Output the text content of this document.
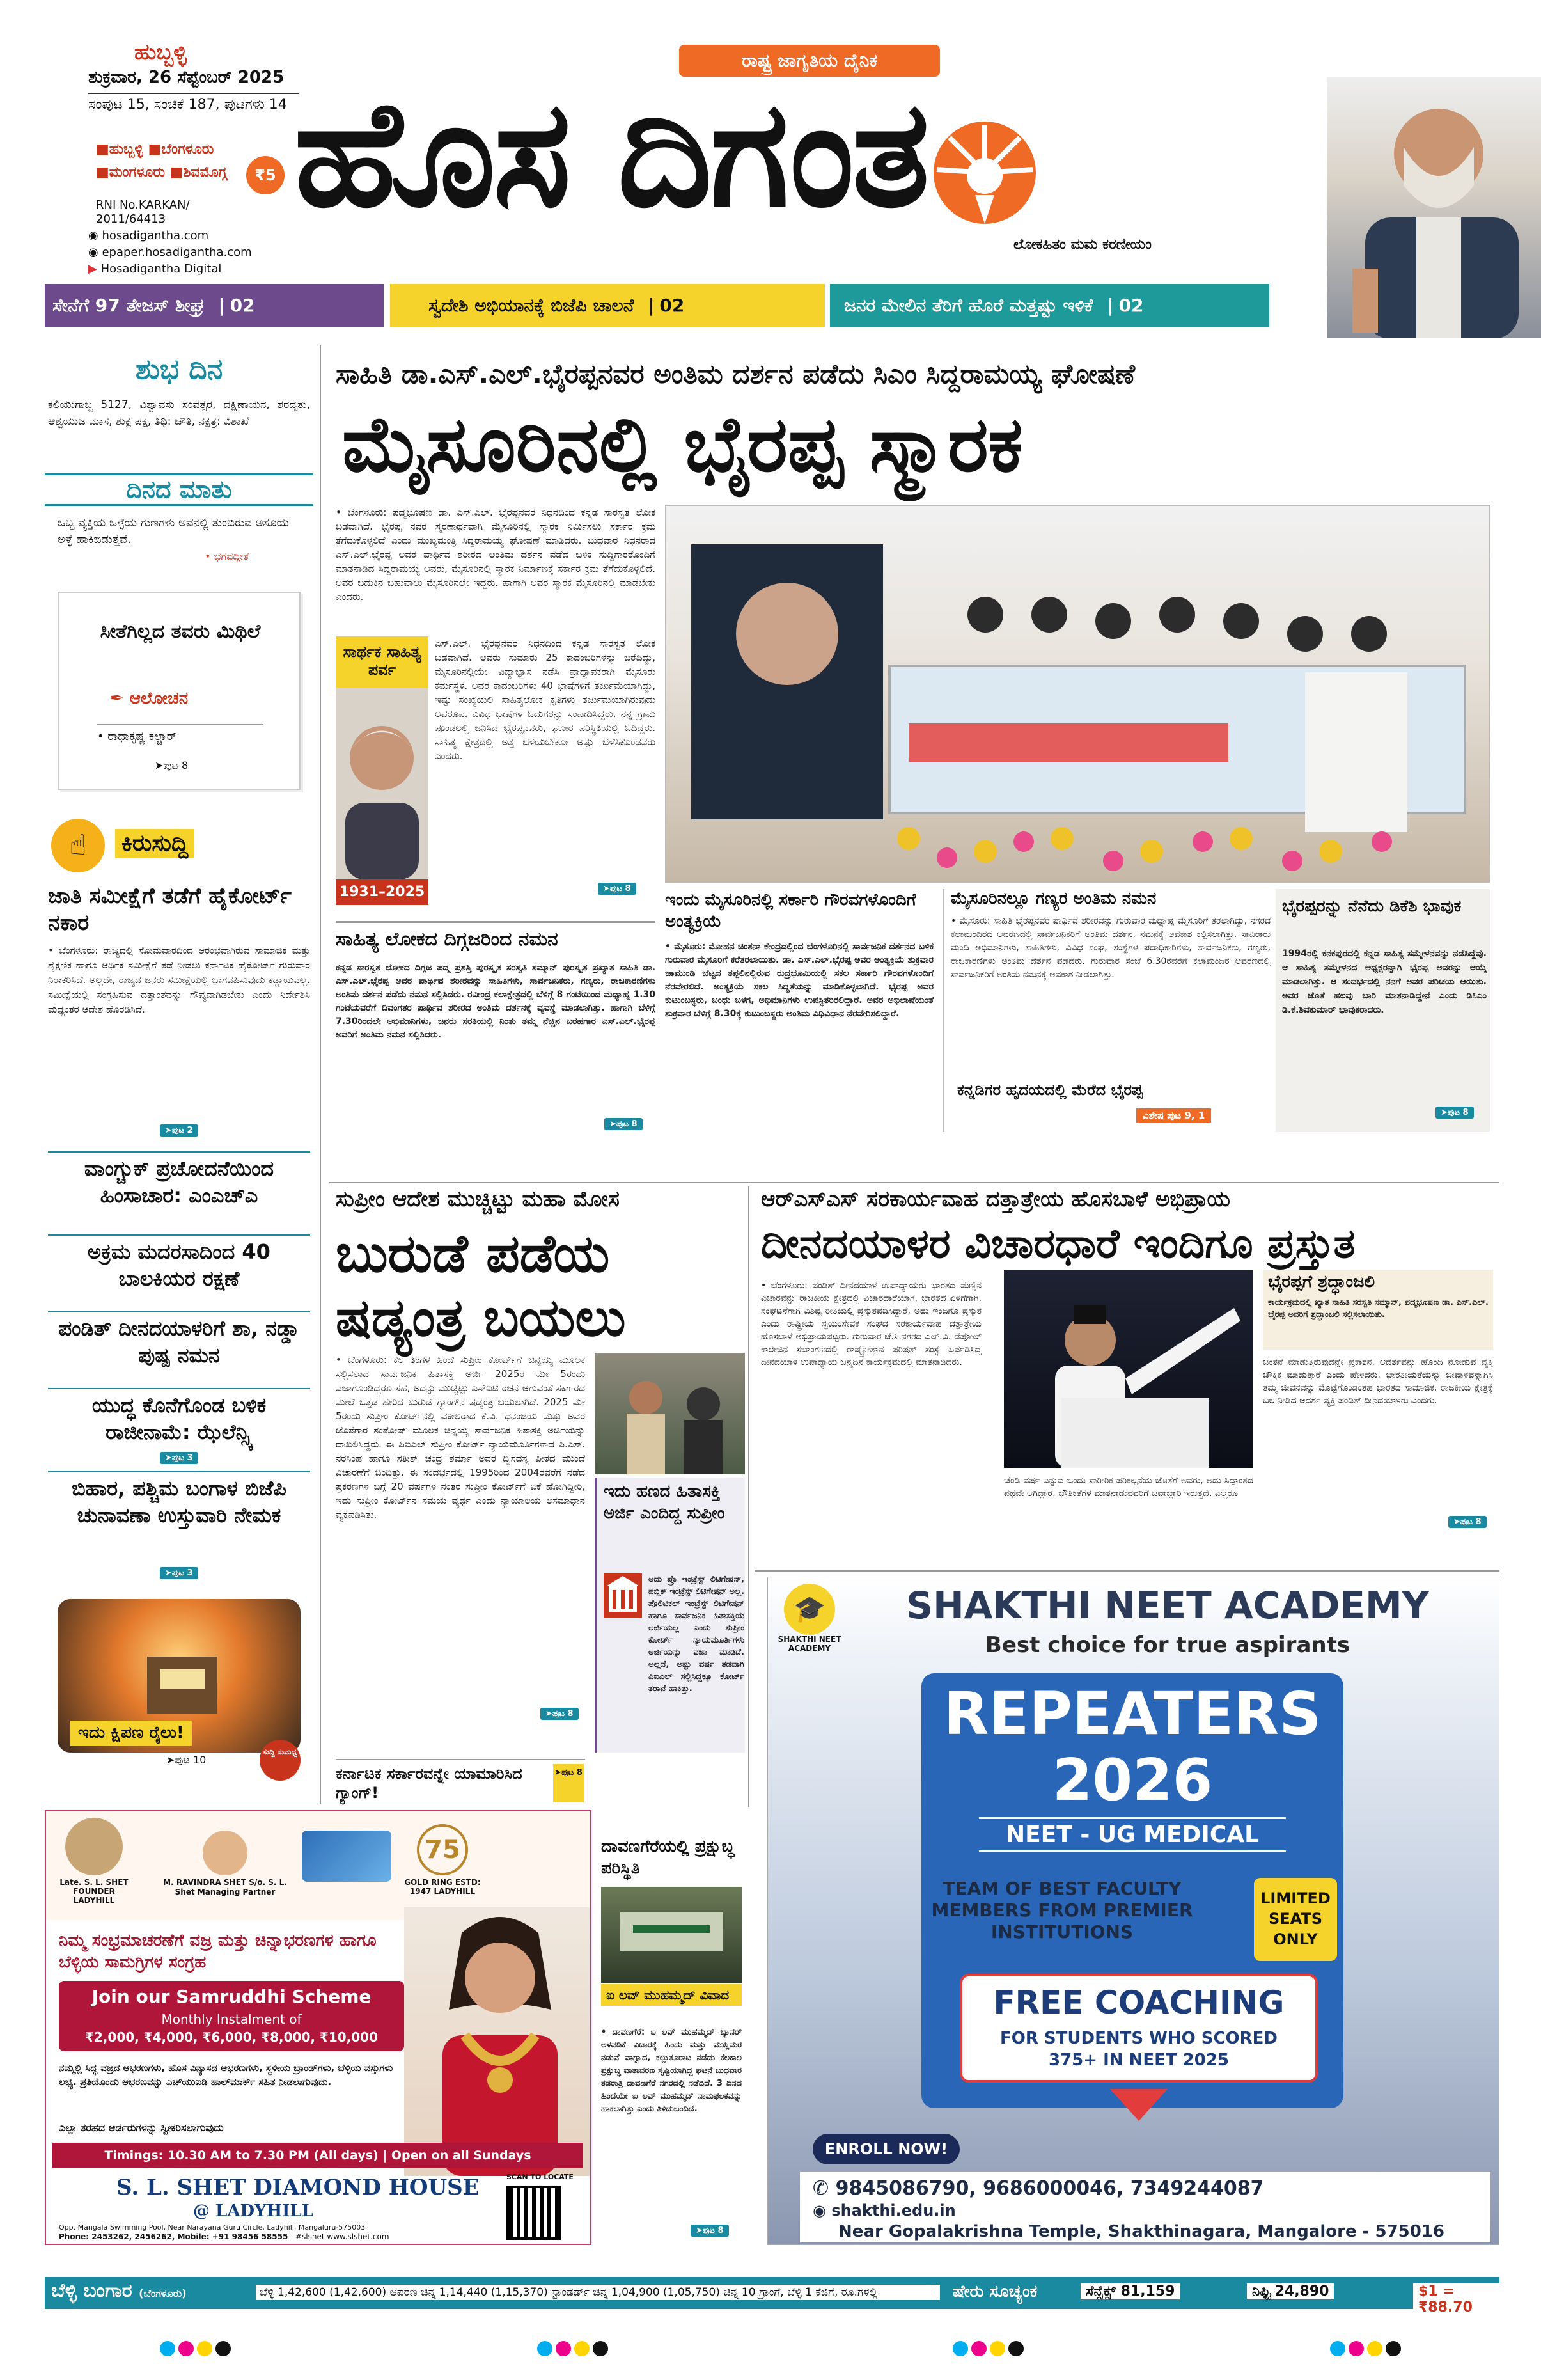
ಹುಬ್ಬಳ್ಳಿ
ಶುಕ್ರವಾರ, 26 ಸೆಪ್ಟೆಂಬರ್ 2025
ಸಂಪುಟ 15, ಸಂಚಿಕೆ 187, ಪುಟಗಳು 14
■ಹುಬ್ಬಳ್ಳಿ ■ಬೆಂಗಳೂರು ■ಮಂಗಳೂರು ■ಶಿವಮೊಗ್ಗ	₹5
RNI No.KARKAN/ 2011/64413
◉ hosadigantha.com
◉ epaper.hosadigantha.com
▶ Hosadigantha Digital
ರಾಷ್ಟ್ರ ಜಾಗೃತಿಯ ದೈನಿಕ
ಹೊಸ ದಿಗಂತ
ಲೋಕಹಿತಂ ಮಮ ಕರಣೀಯಂ
ಸೇನೆಗೆ 97 ತೇಜಸ್ ಶೀಘ್ರ | 02	ಸ್ವದೇಶಿ ಅಭಿಯಾನಕ್ಕೆ ಬಿಜೆಪಿ ಚಾಲನೆ | 02	ಜನರ ಮೇಲಿನ ತೆರಿಗೆ ಹೊರೆ ಮತ್ತಷ್ಟು ಇಳಿಕೆ | 02
ಶುಭ ದಿನ
ಕಲಿಯುಗಾಬ್ದ 5127, ವಿಶ್ವಾವಸು ಸಂವತ್ಸರ, ದಕ್ಷಿಣಾಯನ, ಶರದೃತು, ಆಶ್ವಯುಜ ಮಾಸ, ಶುಕ್ಲ ಪಕ್ಷ, ತಿಥಿ: ಚೌತಿ, ನಕ್ಷತ್ರ: ವಿಶಾಖೆ
ದಿನದ ಮಾತು
ಒಬ್ಬ ವ್ಯಕ್ತಿಯ ಒಳ್ಳೆಯ ಗುಣಗಳು ಅವನಲ್ಲಿ ತುಂಬಿರುವ ಅಸೂಯೆ ಅಳ್ಳೆ ಹಾಕಿಬಿಡುತ್ತವೆ.
• ಭಗವದ್ಗೀತೆ
ಸೀತೆಗಿಲ್ಲದ ತವರು ಮಿಥಿಲೆ
✒ ಆಲೋಚನ
• ರಾಧಾಕೃಷ್ಣ ಕಲ್ಚಾರ್
➤ಪುಟ 8
☝	ಕಿರುಸುದ್ದಿ
ಜಾತಿ ಸಮೀಕ್ಷೆಗೆ ತಡೆಗೆ ಹೈಕೋರ್ಟ್ ನಕಾರ
• ಬೆಂಗಳೂರು: ರಾಜ್ಯದಲ್ಲಿ ಸೋಮವಾರದಿಂದ ಆರಂಭವಾಗಿರುವ ಸಾಮಾಜಿಕ ಮತ್ತು ಶೈಕ್ಷಣಿಕ ಹಾಗೂ ಆರ್ಥಿಕ ಸಮೀಕ್ಷೆಗೆ ತಡೆ ನೀಡಲು ಕರ್ನಾಟಕ ಹೈಕೋರ್ಟ್ ಗುರುವಾರ ನಿರಾಕರಿಸಿದೆ. ಅಲ್ಲದೇ, ರಾಜ್ಯದ ಜನರು ಸಮೀಕ್ಷೆಯಲ್ಲಿ ಭಾಗವಹಿಸುವುದು ಕಡ್ಡಾಯವಲ್ಲ. ಸಮೀಕ್ಷೆಯಲ್ಲಿ ಸಂಗ್ರಹಿಸುವ ದತ್ತಾಂಶವನ್ನು ಗೌಪ್ಯವಾಗಿಡಬೇಕು ಎಂದು ನಿರ್ದೇಶಿಸಿ ಮಧ್ಯಂತರ ಆದೇಶ ಹೊರಡಿಸಿದೆ.
➤ಪುಟ 2
ವಾಂಗ್ಚುಕ್ ಪ್ರಚೋದನೆಯಿಂದ ಹಿಂಸಾಚಾರ: ಎಂಎಚ್ಎ
ಅಕ್ರಮ ಮದರಸಾದಿಂದ 40 ಬಾಲಕಿಯರ ರಕ್ಷಣೆ
ಪಂಡಿತ್ ದೀನದಯಾಳರಿಗೆ ಶಾ, ನಡ್ಡಾ ಪುಷ್ಪ ನಮನ
ಯುದ್ಧ ಕೊನೆಗೊಂಡ ಬಳಿಕ ರಾಜೀನಾಮೆ: ಝೆಲೆನ್ಸ್ಕಿ
➤ಪುಟ 3
ಬಿಹಾರ, ಪಶ್ಚಿಮ ಬಂಗಾಳ ಬಿಜೆಪಿ ಚುನಾವಣಾ ಉಸ್ತುವಾರಿ ನೇಮಕ
➤ಪುಟ 3
ಇದು ಕ್ಷಿಪಣ ರೈಲು!
➤ಪುಟ 10
ಸುದ್ದಿ ಸುಮಧ್ವ
ಸಾಹಿತಿ ಡಾ.ಎಸ್.ಎಲ್.ಭೈರಪ್ಪನವರ ಅಂತಿಮ ದರ್ಶನ ಪಡೆದು ಸಿಎಂ ಸಿದ್ದರಾಮಯ್ಯ ಘೋಷಣೆ
ಮೈಸೂರಿನಲ್ಲಿ ಭೈರಪ್ಪ ಸ್ಮಾರಕ
• ಬೆಂಗಳೂರು: ಪದ್ಮಭೂಷಣ ಡಾ. ಎಸ್.ಎಲ್. ಭೈರಪ್ಪನವರ ನಿಧನದಿಂದ ಕನ್ನಡ ಸಾರಸ್ವತ ಲೋಕ ಬಡವಾಗಿದೆ. ಭೈರಪ್ಪ ನವರ ಸ್ಮರಣಾರ್ಥವಾಗಿ ಮೈಸೂರಿನಲ್ಲಿ ಸ್ಮಾರಕ ನಿರ್ಮಿಸಲು ಸರ್ಕಾರ ಕ್ರಮ ತೆಗೆದುಕೊಳ್ಳಲಿದೆ ಎಂದು ಮುಖ್ಯಮಂತ್ರಿ ಸಿದ್ದರಾಮಯ್ಯ ಘೋಷಣೆ ಮಾಡಿದರು. ಬುಧವಾರ ನಿಧನರಾದ ಎಸ್.ಎಲ್.ಭೈರಪ್ಪ ಅವರ ಪಾರ್ಥಿವ ಶರೀರದ ಅಂತಿಮ ದರ್ಶನ ಪಡೆದ ಬಳಿಕ ಸುದ್ದಿಗಾರರೊಂದಿಗೆ ಮಾತನಾಡಿದ ಸಿದ್ದರಾಮಯ್ಯ ಅವರು, ಮೈಸೂರಿನಲ್ಲಿ ಸ್ಮಾರಕ ನಿರ್ಮಾಣಕ್ಕೆ ಸರ್ಕಾರ ಕ್ರಮ ತೆಗೆದುಕೊಳ್ಳಲಿದೆ. ಅವರ ಬದುಕಿನ ಬಹುಪಾಲು ಮೈಸೂರಿನಲ್ಲೇ ಇದ್ದರು. ಹಾಗಾಗಿ ಅವರ ಸ್ಮಾರಕ ಮೈಸೂರಿನಲ್ಲಿ ಮಾಡಬೇಕು ಎಂದರು.
ಸಾರ್ಥಕ ಸಾಹಿತ್ಯ ಪರ್ವ
1931–2025
ಎಸ್.ಎಲ್. ಭೈರಪ್ಪನವರ ನಿಧನದಿಂದ ಕನ್ನಡ ಸಾರಸ್ವತ ಲೋಕ ಬಡವಾಗಿದೆ. ಅವರು ಸುಮಾರು 25 ಕಾದಂಬರಿಗಳನ್ನು ಬರೆದಿದ್ದು, ಮೈಸೂರಿನಲ್ಲಿಯೇ ವಿದ್ಯಾಭ್ಯಾಸ ನಡೆಸಿ ಪ್ರಾಧ್ಯಾಪಕರಾಗಿ ಮೈಸೂರು ಕರ್ಮಸ್ಥಳ. ಅವರ ಕಾದಂಬರಿಗಳು 40 ಭಾಷೆಗಳಿಗೆ ತರ್ಜುಮೆಯಾಗಿದ್ದು, ಇಷ್ಟು ಸಂಖ್ಯೆಯಲ್ಲಿ ಸಾಹಿತ್ಯಲೋಕ ಕೃತಿಗಳು ತರ್ಜುಮೆಯಾಗಿರುವುದು ಅಪರೂಪ. ವಿವಿಧ ಭಾಷೆಗಳ ಓದುಗರನ್ನು ಸಂಪಾದಿಸಿದ್ದರು. ನನ್ನ ಗ್ರಾಮ ಪೂಂಡಲಲ್ಲಿ ಜನಿಸಿದ ಭೈರಪ್ಪನವರು, ಘೋರ ಪರಿಸ್ಥಿತಿಯಲ್ಲಿ ಓದಿದ್ದರು. ಸಾಹಿತ್ಯ ಕ್ಷೇತ್ರದಲ್ಲಿ ಅತ್ತ ಬೆಳೆಯಬೇಕೋ ಅಷ್ಟು ಬೆಳೆಸಿಕೊಂಡವರು ಎಂದರು.
➤ಪುಟ 8
ಸಾಹಿತ್ಯ ಲೋಕದ ದಿಗ್ಗಜರಿಂದ ನಮನ
ಕನ್ನಡ ಸಾರಸ್ವತ ಲೋಕದ ದಿಗ್ಗಜ ಪದ್ಮ ಪ್ರಶಸ್ತಿ ಪುರಸ್ಕೃತ ಸರಸ್ವತಿ ಸಮ್ಮಾನ್ ಪುರಸ್ಕೃತ ಪ್ರಖ್ಯಾತ ಸಾಹಿತಿ ಡಾ. ಎಸ್.ಎಲ್.ಭೈರಪ್ಪ ಅವರ ಪಾರ್ಥಿವ ಶರೀರವನ್ನು ಸಾಹಿತಿಗಳು, ಸಾರ್ವಜನಿಕರು, ಗಣ್ಯರು, ರಾಜಕಾರಣಿಗಳು ಅಂತಿಮ ದರ್ಶನ ಪಡೆದು ನಮನ ಸಲ್ಲಿಸಿದರು. ರವೀಂದ್ರ ಕಲಾಕ್ಷೇತ್ರದಲ್ಲಿ ಬೆಳಿಗ್ಗೆ 8 ಗಂಟೆಯಿಂದ ಮಧ್ಯಾಹ್ನ 1.30 ಗಂಟೆಯವರೆಗೆ ದಿವಂಗತರ ಪಾರ್ಥಿವ ಶರೀರದ ಅಂತಿಮ ದರ್ಶನಕ್ಕೆ ವ್ಯವಸ್ಥೆ ಮಾಡಲಾಗಿತ್ತು. ಹಾಗಾಗಿ ಬೆಳಿಗ್ಗೆ 7.30ರಿಂದಲೇ ಅಭಿಮಾನಿಗಳು, ಜನರು ಸರತಿಯಲ್ಲಿ ನಿಂತು ತಮ್ಮ ನೆಚ್ಚಿನ ಬರಹಗಾರ ಎಸ್.ಎಲ್.ಭೈರಪ್ಪ ಅವರಿಗೆ ಅಂತಿಮ ನಮನ ಸಲ್ಲಿಸಿದರು.
➤ಪುಟ 8
ಇಂದು ಮೈಸೂರಿನಲ್ಲಿ ಸರ್ಕಾರಿ ಗೌರವಗಳೊಂದಿಗೆ ಅಂತ್ಯಕ್ರಿಯೆ
• ಮೈಸೂರು: ಮೋಹನ ಚಿಂತನಾ ಕೇಂದ್ರದಲ್ಲಿಂದ ಬೆಂಗಳೂರಿನಲ್ಲಿ ಸಾರ್ವಜನಿಕ ದರ್ಶನದ ಬಳಿಕ ಗುರುವಾರ ಮೈಸೂರಿಗೆ ಕರೆತರಲಾಯಿತು. ಡಾ. ಎಸ್.ಎಲ್.ಭೈರಪ್ಪ ಅವರ ಅಂತ್ಯಕ್ರಿಯೆ ಶುಕ್ರವಾರ ಚಾಮುಂಡಿ ಬೆಟ್ಟದ ತಪ್ಪಲಿನಲ್ಲಿರುವ ರುದ್ರಭೂಮಿಯಲ್ಲಿ ಸಕಲ ಸರ್ಕಾರಿ ಗೌರವಗಳೊಂದಿಗೆ ನೆರವೇರಲಿದೆ. ಅಂತ್ಯಕ್ರಿಯೆ ಸಕಲ ಸಿದ್ಧತೆಯನ್ನು ಮಾಡಿಕೊಳ್ಳಲಾಗಿದೆ. ಭೈರಪ್ಪ ಅವರ ಕುಟುಂಬಸ್ಥರು, ಬಂಧು ಬಳಗ, ಅಭಿಮಾನಿಗಳು ಉಪಸ್ಥಿತರಿರಲಿದ್ದಾರೆ. ಅವರ ಅಭಿಲಾಷೆಯಂತೆ ಶುಕ್ರವಾರ ಬೆಳಿಗ್ಗೆ 8.30ಕ್ಕೆ ಕುಟುಂಬಸ್ಥರು ಅಂತಿಮ ವಿಧಿವಿಧಾನ ನೆರವೇರಿಸಲಿದ್ದಾರೆ.
ಮೈಸೂರಿನಲ್ಲೂ ಗಣ್ಯರ ಅಂತಿಮ ನಮನ
• ಮೈಸೂರು: ಸಾಹಿತಿ ಭೈರಪ್ಪನವರ ಪಾರ್ಥಿವ ಶರೀರವನ್ನು ಗುರುವಾರ ಮಧ್ಯಾಹ್ನ ಮೈಸೂರಿಗೆ ತರಲಾಗಿದ್ದು, ನಗರದ ಕಲಾಮಂದಿರದ ಆವರಣದಲ್ಲಿ ಸಾರ್ವಜನಿಕರಿಗೆ ಅಂತಿಮ ದರ್ಶನ, ನಮನಕ್ಕೆ ಅವಕಾಶ ಕಲ್ಪಿಸಲಾಗಿತ್ತು. ಸಾವಿರಾರು ಮಂದಿ ಅಭಿಮಾನಿಗಳು, ಸಾಹಿತಿಗಳು, ವಿವಿಧ ಸಂಘ, ಸಂಸ್ಥೆಗಳ ಪದಾಧಿಕಾರಿಗಳು, ಸಾರ್ವಜನಿಕರು, ಗಣ್ಯರು, ರಾಜಕಾರಣಿಗಳು ಅಂತಿಮ ದರ್ಶನ ಪಡೆದರು. ಗುರುವಾರ ಸಂಜೆ 6.30ರವರೆಗೆ ಕಲಾಮಂದಿರ ಆವರಣದಲ್ಲಿ ಸಾರ್ವಜನಿಕರಿಗೆ ಅಂತಿಮ ನಮನಕ್ಕೆ ಅವಕಾಶ ನೀಡಲಾಗಿತ್ತು.
ಕನ್ನಡಿಗರ ಹೃದಯದಲ್ಲಿ ಮೆರೆದ ಭೈರಪ್ಪ
ವಿಶೇಷ ಪುಟ 9, 1
ಭೈರಪ್ಪರನ್ನು ನೆನೆದು ಡಿಕೆಶಿ ಭಾವುಕ
1994ರಲ್ಲಿ ಕನಕಪುರದಲ್ಲಿ ಕನ್ನಡ ಸಾಹಿತ್ಯ ಸಮ್ಮೇಳನವನ್ನು ನಡೆಸಿದ್ದೆವು. ಆ ಸಾಹಿತ್ಯ ಸಮ್ಮೇಳನದ ಅಧ್ಯಕ್ಷರನ್ನಾಗಿ ಭೈರಪ್ಪ ಅವರನ್ನು ಆಯ್ಕೆ ಮಾಡಲಾಗಿತ್ತು. ಆ ಸಂದರ್ಭದಲ್ಲಿ ನನಗೆ ಅವರ ಪರಿಚಯ ಆಯಿತು. ಅವರ ಜೊತೆ ಹಲವು ಬಾರಿ ಮಾತನಾಡಿದ್ದೇನೆ ಎಂದು ಡಿಸಿಎಂ ಡಿ.ಕೆ.ಶಿವಕುಮಾರ್ ಭಾವುಕರಾದರು.
➤ಪುಟ 8
ಸುಪ್ರೀಂ ಆದೇಶ ಮುಚ್ಚಿಟ್ಟು ಮಹಾ ಮೋಸ
ಬುರುಡೆ ಪಡೆಯ ಷಡ್ಯಂತ್ರ ಬಯಲು
• ಬೆಂಗಳೂರು: ಕೆಲ ತಿಂಗಳ ಹಿಂದೆ ಸುಪ್ರೀಂ ಕೋರ್ಟ್‌ಗೆ ಚಿನ್ನಯ್ಯ ಮೂಲಕ ಸಲ್ಲಿಸಲಾದ ಸಾರ್ವಜನಿಕ ಹಿತಾಸಕ್ತಿ ಅರ್ಜಿ 2025ರ ಮೇ 5ರಂದು ವಜಾಗೊಂಡಿದ್ದರೂ ಸಹ, ಅದನ್ನು ಮುಚ್ಚಿಟ್ಟು ಎಸ್ಐಟಿ ರಚನೆ ಆಗುವಂತೆ ಸರ್ಕಾರದ ಮೇಲೆ ಒತ್ತಡ ಹೇರಿದ ಬುರುಡೆ ಗ್ಯಾಂಗ್‌ನ ಷಡ್ಯಂತ್ರ ಬಯಲಾಗಿದೆ. 2025 ಮೇ 5ರಂದು ಸುಪ್ರೀಂ ಕೋರ್ಟ್‌ನಲ್ಲಿ ವಕೀಲರಾದ ಕೆ.ವಿ. ಧನಂಜಯ ಮತ್ತು ಅವರ ಜೊತೆಗಾರ ಸಂತೋಷ್ ಮೂಲಕ ಚಿನ್ನಯ್ಯ ಸಾರ್ವಜನಿಕ ಹಿತಾಸಕ್ತಿ ಅರ್ಜಿಯನ್ನು ದಾಖಲಿಸಿದ್ದರು. ಈ ಪಿಐಎಲ್ ಸುಪ್ರೀಂ ಕೋರ್ಟ್ ನ್ಯಾಯಮೂರ್ತಿಗಳಾದ ಪಿ.ಎಸ್. ನರಸಿಂಹ ಹಾಗೂ ಸತೀಶ್ ಚಂದ್ರ ಶರ್ಮಾ ಅವರ ದ್ವಿಸದಸ್ಯ ಪೀಠದ ಮುಂದೆ ವಿಚಾರಣೆಗೆ ಬಂದಿತ್ತು. ಈ ಸಂದರ್ಭದಲ್ಲಿ 1995ರಿಂದ 2004ರವರೆಗೆ ನಡೆದ ಪ್ರಕರಣಗಳ ಬಗ್ಗೆ 20 ವರ್ಷಗಳ ನಂತರ ಸುಪ್ರೀಂ ಕೋರ್ಟ್‌ಗೆ ಏಕೆ ಹೋಗಿದ್ದೀರಿ, ಇದು ಸುಪ್ರೀಂ ಕೋರ್ಟ್‌ನ ಸಮಯ ವ್ಯರ್ಥ ಎಂದು ನ್ಯಾಯಾಲಯ ಅಸಮಾಧಾನ ವ್ಯಕ್ತಪಡಿಸಿತು.
➤ಪುಟ 8
ಇದು ಹಣದ ಹಿತಾಸಕ್ತಿ ಅರ್ಜಿ ಎಂದಿದ್ದ ಸುಪ್ರೀಂ
ಅದು ಪ್ರೊ ಇಂಟ್ರೆಸ್ಟ್ ಲಿಟಿಗೇಷನ್, ಪಬ್ಲಿಕ್ ಇಂಟ್ರೆಸ್ಟ್ ಲಿಟಿಗೇಷನ್ ಅಲ್ಲ. ಪೊಲಿಟಿಕಲ್ ಇಂಟ್ರೆಸ್ಟ್ ಲಿಟಿಗೇಷನ್ ಹಾಗೂ ಸಾರ್ವಜನಿಕ ಹಿತಾಸಕ್ತಿಯ ಅರ್ಜಿಯಲ್ಲ ಎಂದು ಸುಪ್ರೀಂ ಕೋರ್ಟ್ ನ್ಯಾಯಮೂರ್ತಿಗಳು ಅರ್ಜಿಯನ್ನು ವಜಾ ಮಾಡಿದೆ. ಅಲ್ಲದೆ, ಅಷ್ಟು ವರ್ಷ ತಡವಾಗಿ ಪಿಐಎಲ್ ಸಲ್ಲಿಸಿದ್ದಕ್ಕೂ ಕೋರ್ಟ್ ತರಾಟೆ ಹಾಕಿತ್ತು.
ಕರ್ನಾಟಕ ಸರ್ಕಾರವನ್ನೇ ಯಾಮಾರಿಸಿದ ಗ್ಯಾಂಗ್!
➤ಪುಟ 8
ಆರ್‌ಎಸ್‌ಎಸ್ ಸರಕಾರ್ಯವಾಹ ದತ್ತಾತ್ರೇಯ ಹೊಸಬಾಳೆ ಅಭಿಪ್ರಾಯ
ದೀನದಯಾಳರ ವಿಚಾರಧಾರೆ ಇಂದಿಗೂ ಪ್ರಸ್ತುತ
• ಬೆಂಗಳೂರು: ಪಂಡಿತ್ ದೀನದಯಾಳ ಉಪಾಧ್ಯಾಯರು ಭಾರತದ ಮಣ್ಣಿನ ವಿಚಾರವನ್ನು ರಾಜಕೀಯ ಕ್ಷೇತ್ರದಲ್ಲಿ ವಿಚಾರಧಾರೆಯಾಗಿ, ಭಾರತದ ಏಳಿಗೆಗಾಗಿ, ಸಂಘಟನೆಗಾಗಿ ವಿಶಿಷ್ಟ ರೀತಿಯಲ್ಲಿ ಪ್ರಸ್ತುತಪಡಿಸಿದ್ದಾರೆ, ಅದು ಇಂದಿಗೂ ಪ್ರಸ್ತುತ ಎಂದು ರಾಷ್ಟ್ರೀಯ ಸ್ವಯಂಸೇವಕ ಸಂಘದ ಸರಕಾರ್ಯವಾಹ ದತ್ತಾತ್ರೇಯ ಹೊಸಬಾಳೆ ಅಭಿಪ್ರಾಯಪಟ್ಟರು. ಗುರುವಾರ ಚೆ.ಸಿ.ನಗರದ ಎಲ್.ವಿ. ಡೆಪೋಲ್ ಕಾಲೇಜಿನ ಸಭಾಂಗಣದಲ್ಲಿ ರಾಷ್ಟ್ರೋತ್ಥಾನ ಪರಿಷತ್ ಸಂಸ್ಥೆ ಏರ್ಪಡಿಸಿದ್ದ ದೀನದಯಾಳ ಉಪಾಧ್ಯಾಯ ಜನ್ಮದಿನ ಕಾರ್ಯಕ್ರಮದಲ್ಲಿ ಮಾತನಾಡಿದರು.
ಚೆಂಡಿ ವರ್ಷ ಎನ್ನುವ ಒಂದು ಸಾರೀರಿಕ ಪರಿಕಲ್ಪನೆಯ ಜೊತೆಗೆ ಅವರು, ಅದು ಸಿದ್ಧಾಂತದ ಪಥವೇ ಆಗಿದ್ದಾರೆ. ಭೌತಿಕತೆಗಳ ಮಾತನಾಡುವವರಿಗೆ ಜವಾಬ್ದಾರಿ ಇರುತ್ತದೆ. ಎಲ್ಲರೂ
ಭೈರಪ್ಪಗೆ ಶ್ರದ್ಧಾಂಜಲಿ
ಕಾರ್ಯಕ್ರಮದಲ್ಲಿ ಖ್ಯಾತ ಸಾಹಿತಿ ಸರಸ್ವತಿ ಸಮ್ಮಾನ್, ಪದ್ಮಭೂಷಣ ಡಾ. ಎಸ್.ಎಲ್. ಭೈರಪ್ಪ ಅವರಿಗೆ ಶ್ರದ್ಧಾಂಜಲಿ ಸಲ್ಲಿಸಲಾಯಿತು.
ಚಿಂತನೆ ಮಾಡುತ್ತಿರುವುದನ್ನೇ ಪ್ರಕಾಶನ, ಆದರ್ಶವನ್ನು ಹೊಂದಿ ನೋಡುವ ವ್ಯಕ್ತಿ ಚೌಕ್ತಿಕ ಮಾಡುತ್ತಾರೆ ಎಂದು ಹೇಳಿದರು. ಭಾರತೀಯತೆಯನ್ನು ಜೀವಾಳವನ್ನಾಗಿಸಿ ತಮ್ಮ ಜೀವನವನ್ನು ಮೊಟ್ಟೆಗೊಂಡಂತಹ ಭಾರತದ ಸಾಮಾಜಿಕ, ರಾಜಕೀಯ ಕ್ಷೇತ್ರಕ್ಕೆ ಬಲ ನೀಡಿದ ಆದರ್ಶ ವ್ಯಕ್ತಿ ಪಂಡಿತ್ ದೀನದಯಾಳರು ಎಂದರು.
➤ಪುಟ 8
Late. S. L. SHET FOUNDER LADYHILL
M. RAVINDRA SHET S/o. S. L. Shet Managing Partner
75
GOLD RING ESTD: 1947 LADYHILL
ನಿಮ್ಮ ಸಂಭ್ರಮಾಚರಣೆಗೆ ವಜ್ರ ಮತ್ತು ಚಿನ್ನಾಭರಣಗಳ ಹಾಗೂ ಬೆಳ್ಳಿಯ ಸಾಮಗ್ರಿಗಳ ಸಂಗ್ರಹ
Join our Samruddhi Scheme
Monthly Instalment of
₹2,000, ₹4,000, ₹6,000, ₹8,000, ₹10,000
ನಮ್ಮಲ್ಲಿ ಸಿದ್ಧ ವಜ್ರದ ಆಭರಣಗಳು, ಹೊಸ ವಿನ್ಯಾಸದ ಆಭರಣಗಳು, ಸ್ಥಳೀಯ ಬ್ರಾಂಡ್‌ಗಳು, ಬೆಳ್ಳಿಯ ವಸ್ತುಗಳು ಲಭ್ಯ. ಪ್ರತಿಯೊಂದು ಆಭರಣವನ್ನು ಎಚ್‌ಯುಐಡಿ ಹಾಲ್‌ಮಾರ್ಕ್ ಸಹಿತ ನೀಡಲಾಗುವುದು.
ಎಲ್ಲಾ ತರಹದ ಆರ್ಡರುಗಳನ್ನು ಸ್ವೀಕರಿಸಲಾಗುವುದು
Timings: 10.30 AM to 7.30 PM (All days) | Open on all Sundays
S. L. SHET DIAMOND HOUSE
@ LADYHILL
Opp. Mangala Swimming Pool, Near Narayana Guru Circle, Ladyhill, Mangaluru-575003
Phone: 2453262, 2456262, Mobile: +91 98456 58555 #slshet www.slshet.com
SCAN TO LOCATE
ದಾವಣಗೆರೆಯಲ್ಲಿ ಪ್ರಕ್ಷುಬ್ಧ ಪರಿಸ್ಥಿತಿ
ಐ ಲವ್ ಮುಹಮ್ಮದ್ ವಿವಾದ
• ದಾವಣಗೆರೆ: ಐ ಲವ್ ಮುಹಮ್ಮದ್ ಬ್ಯಾನರ್ ಅಳವಡಿಕೆ ವಿಚಾರಕ್ಕೆ ಹಿಂದು ಮತ್ತು ಮುಸ್ಲಿಮರ ನಡುವೆ ವಾಗ್ವಾದ, ಕಲ್ಲುತೂರಾಟ ನಡೆದು ಕೆಲಕಾಲ ಪ್ರಕ್ಷುಬ್ಧ ವಾತಾವರಣ ಸೃಷ್ಟಿಯಾಗಿದ್ದ ಘಟನೆ ಬುಧವಾರ ತಡರಾತ್ರಿ ದಾವಣಗೆರೆ ನಗರದಲ್ಲಿ ನಡೆದಿದೆ. 3 ದಿನದ ಹಿಂದೆಯೇ ಐ ಲವ್ ಮುಹಮ್ಮದ್ ನಾಮಫಲಕವನ್ನು ಹಾಕಲಾಗಿತ್ತು ಎಂದು ತಿಳಿದುಬಂದಿದೆ.
➤ಪುಟ 8
🎓
SHAKTHI NEET ACADEMY
SHAKTHI NEET ACADEMY
Best choice for true aspirants
REPEATERS
2026
NEET - UG MEDICAL
TEAM OF BEST FACULTY MEMBERS FROM PREMIER INSTITUTIONS
LIMITED SEATS ONLY
FREE COACHING
FOR STUDENTS WHO SCORED 375+ IN NEET 2025
ENROLL NOW!
✆ 9845086790, 9686000046, 7349244087
◉ shakthi.edu.in
Near Gopalakrishna Temple, Shakthinagara, Mangalore - 575016
ಬೆಳ್ಳಿ ಬಂಗಾರ (ಬೆಂಗಳೂರು)	ಬೆಳ್ಳಿ 1,42,600 (1,42,600) ಆಪರಣ ಚಿನ್ನ 1,14,440 (1,15,370) ಸ್ಟಾಂಡರ್ಡ್ ಚಿನ್ನ 1,04,900 (1,05,750) ಚಿನ್ನ 10 ಗ್ರಾಂಗೆ, ಬೆಳ್ಳಿ 1 ಕೆಜಿಗೆ, ರೂ.ಗಳಲ್ಲಿ	ಷೇರು ಸೂಚ್ಯಂಕ	ಸೆನ್ಸೆಕ್ಸ್ 81,159	ನಿಫ್ಟಿ 24,890	$1 = ₹88.70
